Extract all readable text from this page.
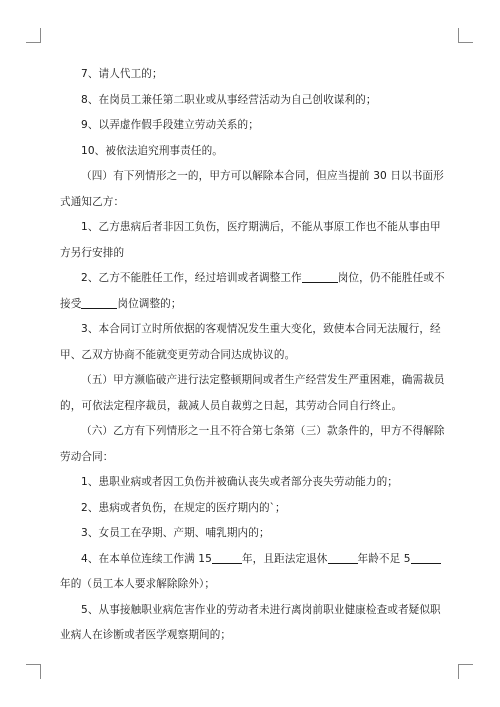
7、请人代工的；

8、在岗员工兼任第二职业或从事经营活动为自己创收谋利的；

9、以弄虚作假手段建立劳动关系的；

10、被依法追究刑事责任的。

（四）有下列情形之一的，甲方可以解除本合同，但应当提前 30 日以书面形式通知乙方：

1、乙方患病后者非因工负伤，医疗期满后，不能从事原工作也不能从事由甲方另行安排的

2、乙方不能胜任工作，经过培训或者调整工作	岗位，仍不能胜任或不接受	岗位调整的；

3、本合同订立时所依据的客观情况发生重大变化，致使本合同无法履行，经甲、乙双方协商不能就变更劳动合同达成协议的。

（五）甲方濒临破产进行法定整顿期间或者生产经营发生严重困难，确需裁员的，可依法定程序裁员，裁减人员自裁剪之日起，其劳动合同自行终止。

（六）乙方有下列情形之一且不符合第七条第（三）款条件的，甲方不得解除劳动合同：

1、患职业病或者因工负伤并被确认丧失或者部分丧失劳动能力的；

2、患病或者负伤，在规定的医疗期内的`；

3、女员工在孕期、产期、哺乳期内的；

4、在本单位连续工作满 15	年，且距法定退休	年龄不足 5年的（员工本人要求解除除外）；

5、从事接触职业病危害作业的劳动者未进行离岗前职业健康检查或者疑似职业病人在诊断或者医学观察期间的；
